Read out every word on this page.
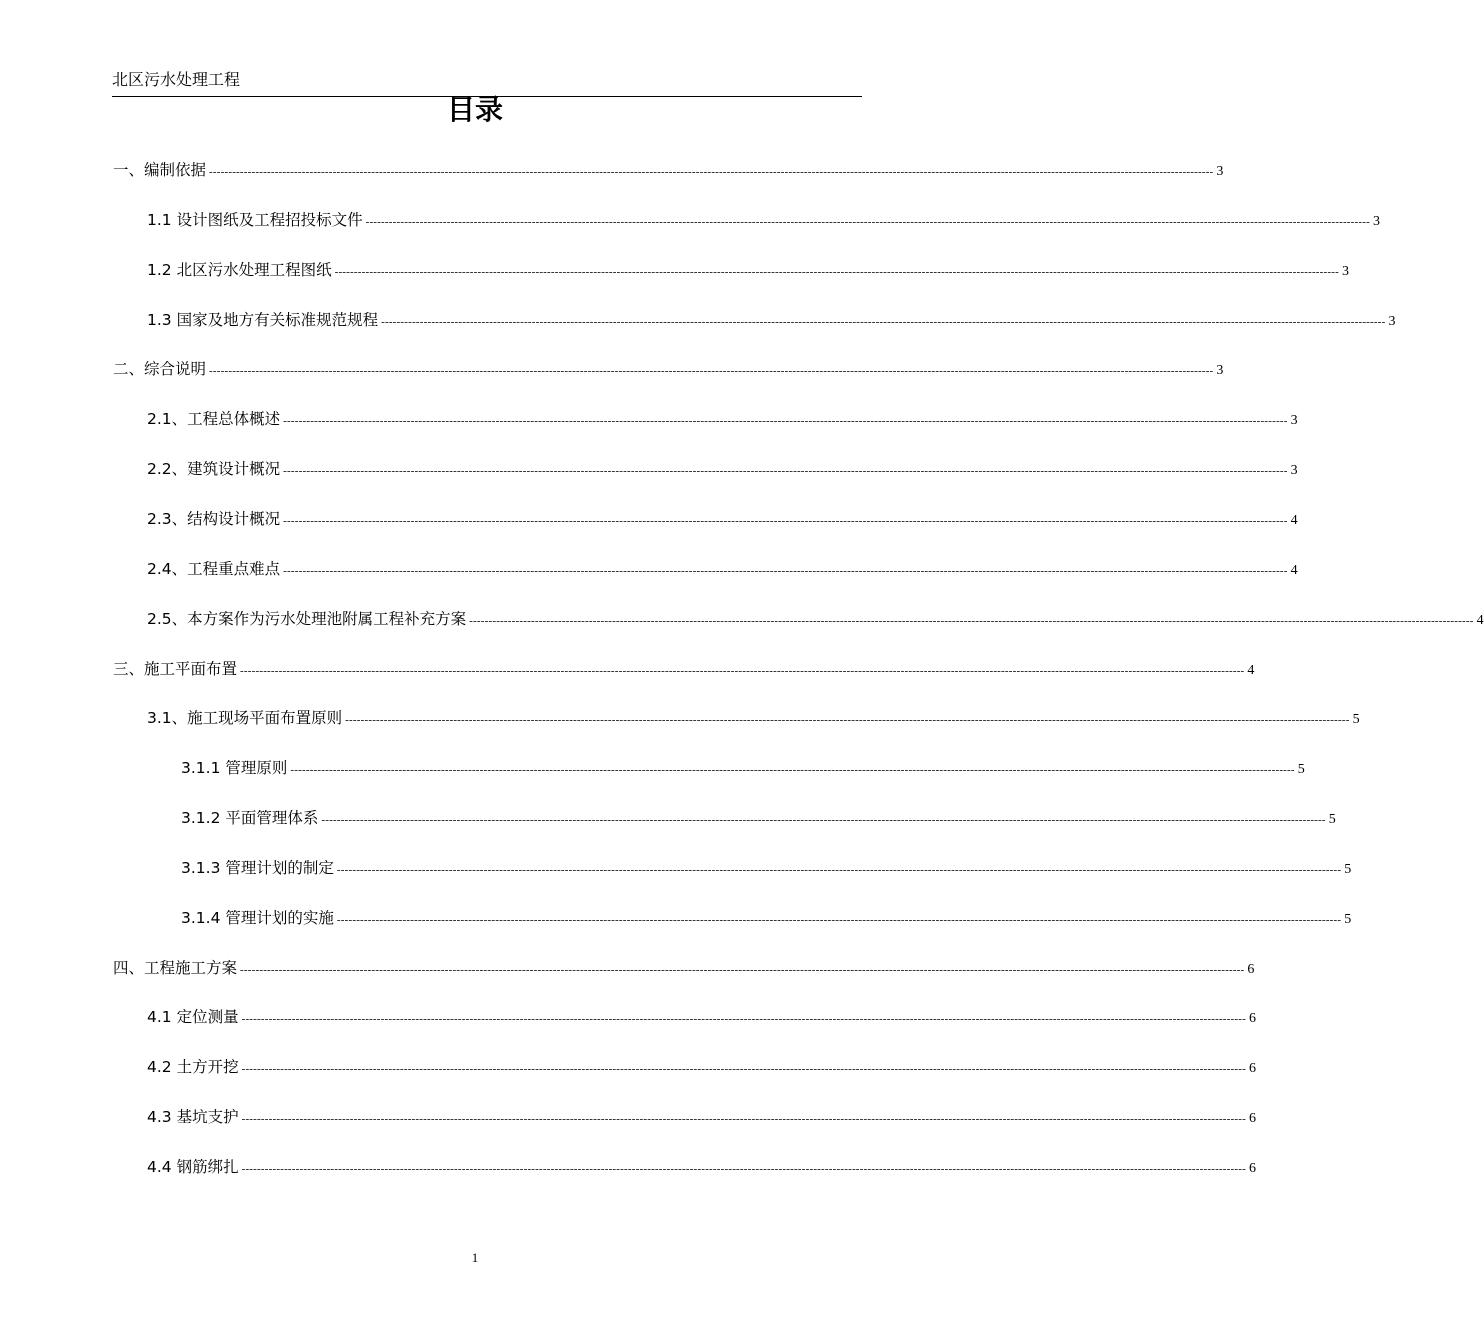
北区污水处理工程
目录
一、编制依据 -------------------------------------------------------------------------------------------------------------------------------------------------------------------------------------------------------------------------------------------------------------------- 3
1.1 设计图纸及工程招投标文件 -------------------------------------------------------------------------------------------------------------------------------------------------------------------------------------------------------------------------------------------------------------------- 3
1.2 北区污水处理工程图纸 -------------------------------------------------------------------------------------------------------------------------------------------------------------------------------------------------------------------------------------------------------------------- 3
1.3 国家及地方有关标准规范规程 -------------------------------------------------------------------------------------------------------------------------------------------------------------------------------------------------------------------------------------------------------------------- 3
二、综合说明 -------------------------------------------------------------------------------------------------------------------------------------------------------------------------------------------------------------------------------------------------------------------- 3
2.1、工程总体概述 -------------------------------------------------------------------------------------------------------------------------------------------------------------------------------------------------------------------------------------------------------------------- 3
2.2、建筑设计概况 -------------------------------------------------------------------------------------------------------------------------------------------------------------------------------------------------------------------------------------------------------------------- 3
2.3、结构设计概况 -------------------------------------------------------------------------------------------------------------------------------------------------------------------------------------------------------------------------------------------------------------------- 4
2.4、工程重点难点 -------------------------------------------------------------------------------------------------------------------------------------------------------------------------------------------------------------------------------------------------------------------- 4
2.5、本方案作为污水处理池附属工程补充方案 -------------------------------------------------------------------------------------------------------------------------------------------------------------------------------------------------------------------------------------------------------------------- 4
三、施工平面布置 -------------------------------------------------------------------------------------------------------------------------------------------------------------------------------------------------------------------------------------------------------------------- 4
3.1、施工现场平面布置原则 -------------------------------------------------------------------------------------------------------------------------------------------------------------------------------------------------------------------------------------------------------------------- 5
3.1.1 管理原则 -------------------------------------------------------------------------------------------------------------------------------------------------------------------------------------------------------------------------------------------------------------------- 5
3.1.2 平面管理体系 -------------------------------------------------------------------------------------------------------------------------------------------------------------------------------------------------------------------------------------------------------------------- 5
3.1.3 管理计划的制定 -------------------------------------------------------------------------------------------------------------------------------------------------------------------------------------------------------------------------------------------------------------------- 5
3.1.4 管理计划的实施 -------------------------------------------------------------------------------------------------------------------------------------------------------------------------------------------------------------------------------------------------------------------- 5
四、工程施工方案 -------------------------------------------------------------------------------------------------------------------------------------------------------------------------------------------------------------------------------------------------------------------- 6
4.1 定位测量 -------------------------------------------------------------------------------------------------------------------------------------------------------------------------------------------------------------------------------------------------------------------- 6
4.2 土方开挖 -------------------------------------------------------------------------------------------------------------------------------------------------------------------------------------------------------------------------------------------------------------------- 6
4.3 基坑支护 -------------------------------------------------------------------------------------------------------------------------------------------------------------------------------------------------------------------------------------------------------------------- 6
4.4 钢筋绑扎 -------------------------------------------------------------------------------------------------------------------------------------------------------------------------------------------------------------------------------------------------------------------- 6
1
